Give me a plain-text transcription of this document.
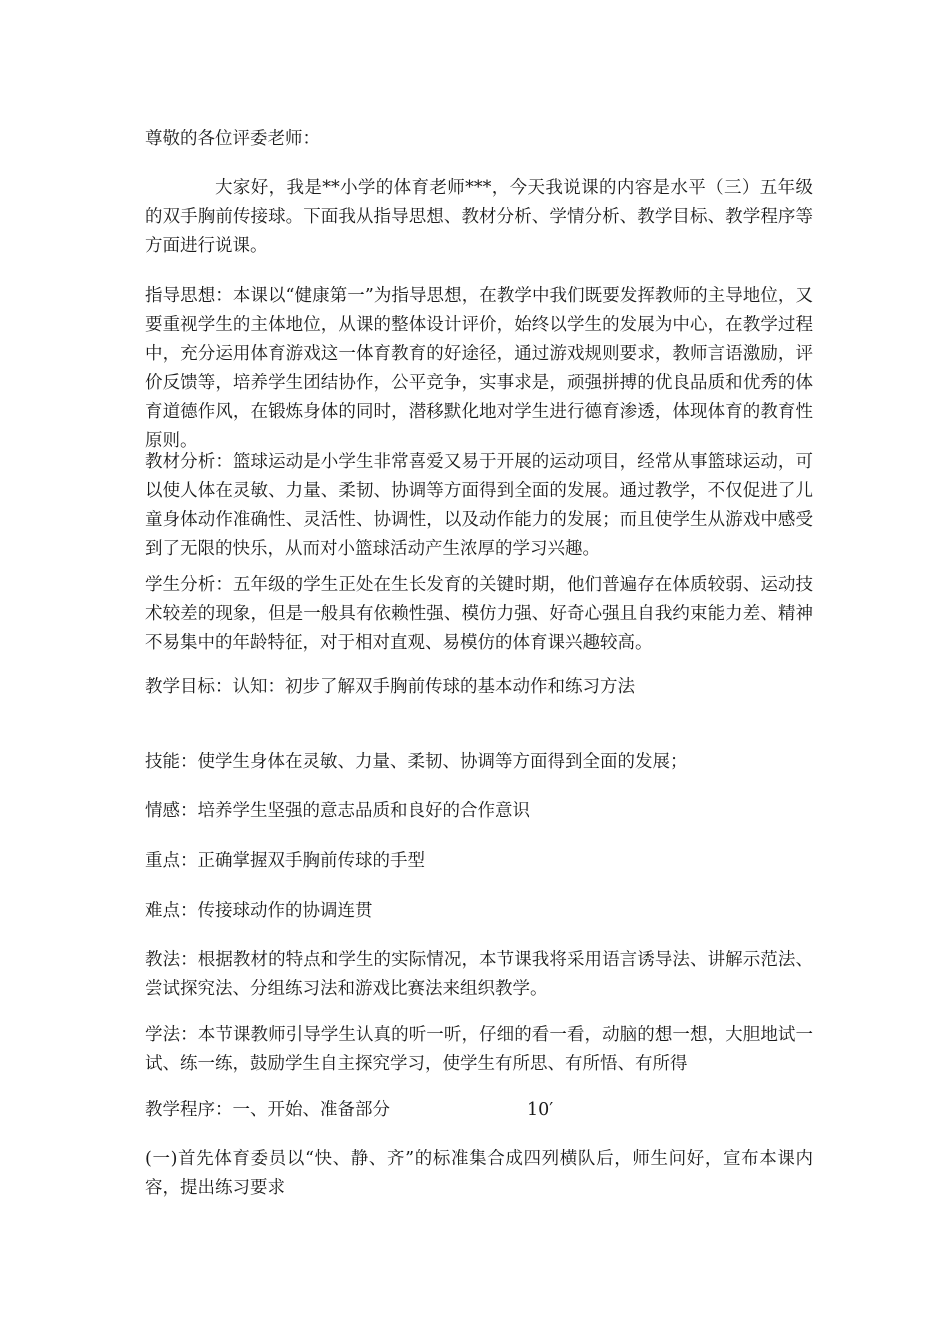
尊敬的各位评委老师：

大家好，我是**小学的体育老师***，今天我说课的内容是水平（三）五年级的双手胸前传接球。下面我从指导思想、教材分析、学情分析、教学目标、教学程序等方面进行说课。

指导思想：本课以“健康第一”为指导思想，在教学中我们既要发挥教师的主导地位，又要重视学生的主体地位，从课的整体设计评价，始终以学生的发展为中心，在教学过程中，充分运用体育游戏这一体育教育的好途径，通过游戏规则要求，教师言语激励，评价反馈等，培养学生团结协作，公平竞争，实事求是，顽强拼搏的优良品质和优秀的体育道德作风，在锻炼身体的同时，潜移默化地对学生进行德育渗透，体现体育的教育性原则。

教材分析：篮球运动是小学生非常喜爱又易于开展的运动项目，经常从事篮球运动，可以使人体在灵敏、力量、柔韧、协调等方面得到全面的发展。通过教学，不仅促进了儿童身体动作准确性、灵活性、协调性，以及动作能力的发展；而且使学生从游戏中感受到了无限的快乐，从而对小篮球活动产生浓厚的学习兴趣。

学生分析：五年级的学生正处在生长发育的关键时期，他们普遍存在体质较弱、运动技术较差的现象，但是一般具有依赖性强、模仿力强、好奇心强且自我约束能力差、精神不易集中的年龄特征，对于相对直观、易模仿的体育课兴趣较高。

教学目标：认知：初步了解双手胸前传球的基本动作和练习方法

技能：使学生身体在灵敏、力量、柔韧、协调等方面得到全面的发展；

情感：培养学生坚强的意志品质和良好的合作意识

重点：正确掌握双手胸前传球的手型

难点：传接球动作的协调连贯

教法：根据教材的特点和学生的实际情况，本节课我将采用语言诱导法、讲解示范法、尝试探究法、分组练习法和游戏比赛法来组织教学。

学法：本节课教师引导学生认真的听一听，仔细的看一看，动脑的想一想，大胆地试一试、练一练，鼓励学生自主探究学习，使学生有所思、有所悟、有所得

教学程序：一、开始、准备部分	10′

(一)首先体育委员以“快、静、齐”的标准集合成四列横队后，师生问好，宣布本课内容，提出练习要求
